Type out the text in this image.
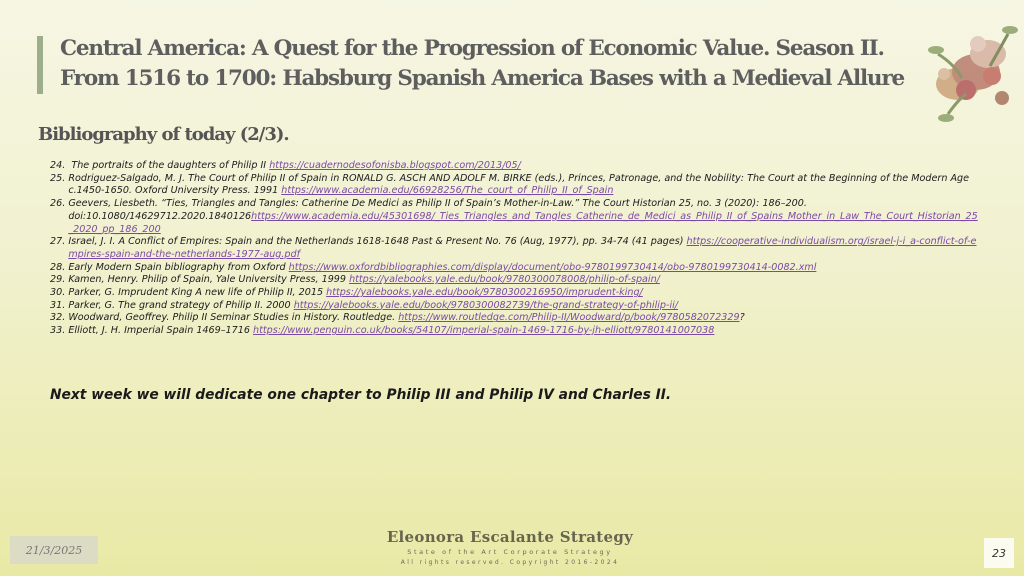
Central America: A Quest for the Progression of Economic Value. Season II.
From 1516 to 1700: Habsburg Spanish America Bases with a Medieval Allure
Bibliography of today (2/3).
24. The portraits of the daughters of Philip II https://cuadernodesofonisba.blogspot.com/2013/05/
25. Rodriguez-Salgado, M. J. The Court of Philip II of Spain in RONALD G. ASCH AND ADOLF M. BIRKE (eds.), Princes, Patronage, and the Nobility: The Court at the Beginning of the Modern Age c.1450-1650. Oxford University Press. 1991 https://www.academia.edu/66928256/The_court_of_Philip_II_of_Spain
26. Geevers, Liesbeth. “Ties, Triangles and Tangles: Catherine De Medici as Philip II of Spain’s Mother-in-Law.” The Court Historian 25, no. 3 (2020): 186–200. doi:10.1080/14629712.2020.1840126https://www.academia.edu/45301698/_Ties_Triangles_and_Tangles_Catherine_de_Medici_as_Philip_II_of_Spains_Mother_in_Law_The_Court_Historian_25_2020_pp_186_200
27. Israel, J. I. A Conflict of Empires: Spain and the Netherlands 1618-1648 Past & Present No. 76 (Aug, 1977), pp. 34-74 (41 pages) https://cooperative-individualism.org/israel-j-i_a-conflict-of-empires-spain-and-the-netherlands-1977-aug.pdf
28. Early Modern Spain bibliography from Oxford https://www.oxfordbibliographies.com/display/document/obo-9780199730414/obo-9780199730414-0082.xml
29. Kamen, Henry. Philip of Spain, Yale University Press, 1999 https://yalebooks.yale.edu/book/9780300078008/philip-of-spain/
30. Parker, G. Imprudent King A new life of Philip II, 2015 https://yalebooks.yale.edu/book/9780300216950/imprudent-king/
31. Parker, G. The grand strategy of Philip II. 2000 https://yalebooks.yale.edu/book/9780300082739/the-grand-strategy-of-philip-ii/
32. Woodward, Geoffrey. Philip II Seminar Studies in History. Routledge. https://www.routledge.com/Philip-II/Woodward/p/book/9780582072329?
33. Elliott, J. H. Imperial Spain 1469–1716 https://www.penguin.co.uk/books/54107/imperial-spain-1469-1716-by-jh-elliott/9780141007038
Next week we will dedicate one chapter to Philip III and Philip IV and Charles II.
21/3/2025
Eleonora Escalante Strategy
State of the Art Corporate Strategy
All rights reserved. Copyright 2016-2024
23
